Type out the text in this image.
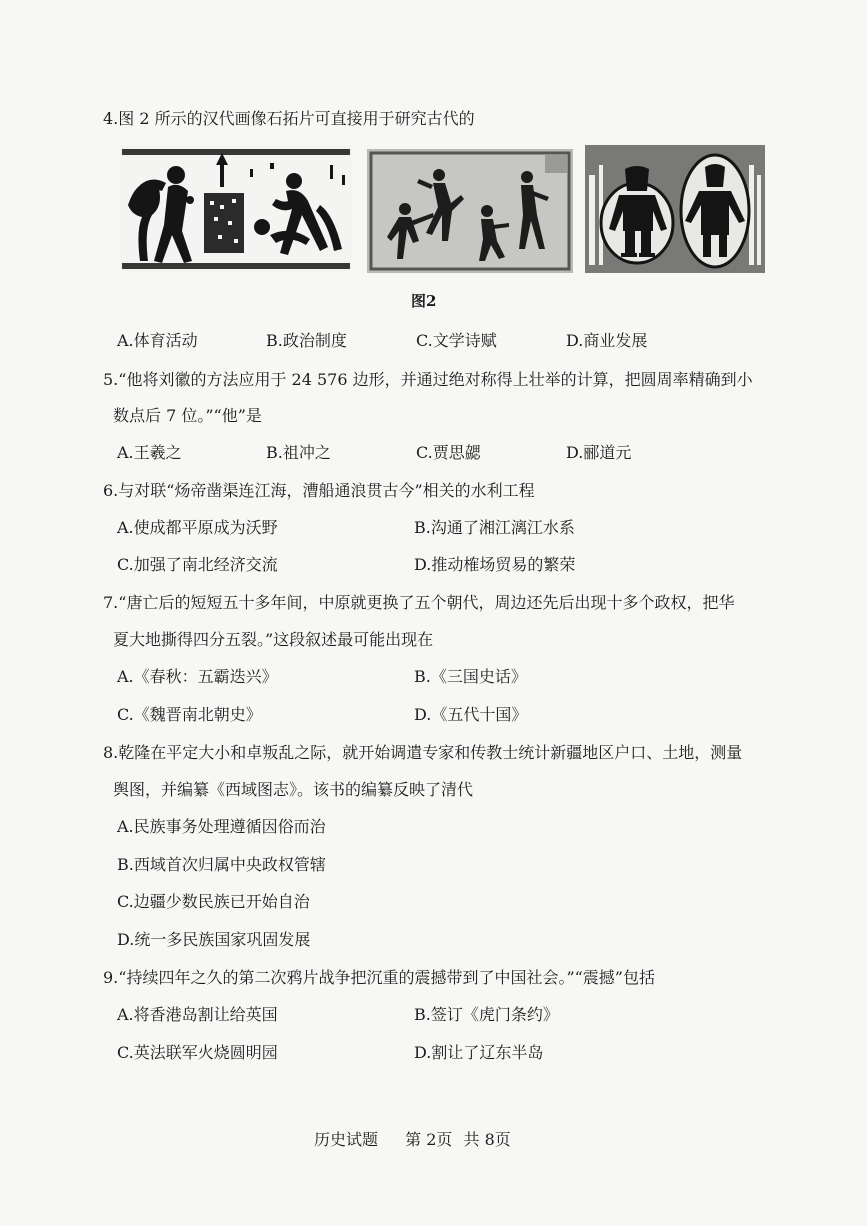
4.图 2 所示的汉代画像石拓片可直接用于研究古代的
图2
A.体育活动	B.政治制度	C.文学诗赋	D.商业发展
5.“他将刘徽的方法应用于 24 576 边形，并通过绝对称得上壮举的计算，把圆周率精确到小
数点后 7 位。”“他”是
A.王羲之	B.祖冲之	C.贾思勰	D.郦道元
6.与对联“炀帝凿渠连江海，漕船通浪贯古今”相关的水利工程
A.使成都平原成为沃野	B.沟通了湘江漓江水系
C.加强了南北经济交流	D.推动榷场贸易的繁荣
7.“唐亡后的短短五十多年间，中原就更换了五个朝代，周边还先后出现十多个政权，把华
夏大地撕得四分五裂。”这段叙述最可能出现在
A.《春秋：五霸迭兴》	B.《三国史话》
C.《魏晋南北朝史》	D.《五代十国》
8.乾隆在平定大小和卓叛乱之际，就开始调遣专家和传教士统计新疆地区户口、土地，测量
舆图，并编纂《西域图志》。该书的编纂反映了清代
A.民族事务处理遵循因俗而治
B.西域首次归属中央政权管辖
C.边疆少数民族已开始自治
D.统一多民族国家巩固发展
9.“持续四年之久的第二次鸦片战争把沉重的震撼带到了中国社会。”“震撼”包括
A.将香港岛割让给英国	B.签订《虎门条约》
C.英法联军火烧圆明园	D.割让了辽东半岛
历史试题 第 2页 共 8页
